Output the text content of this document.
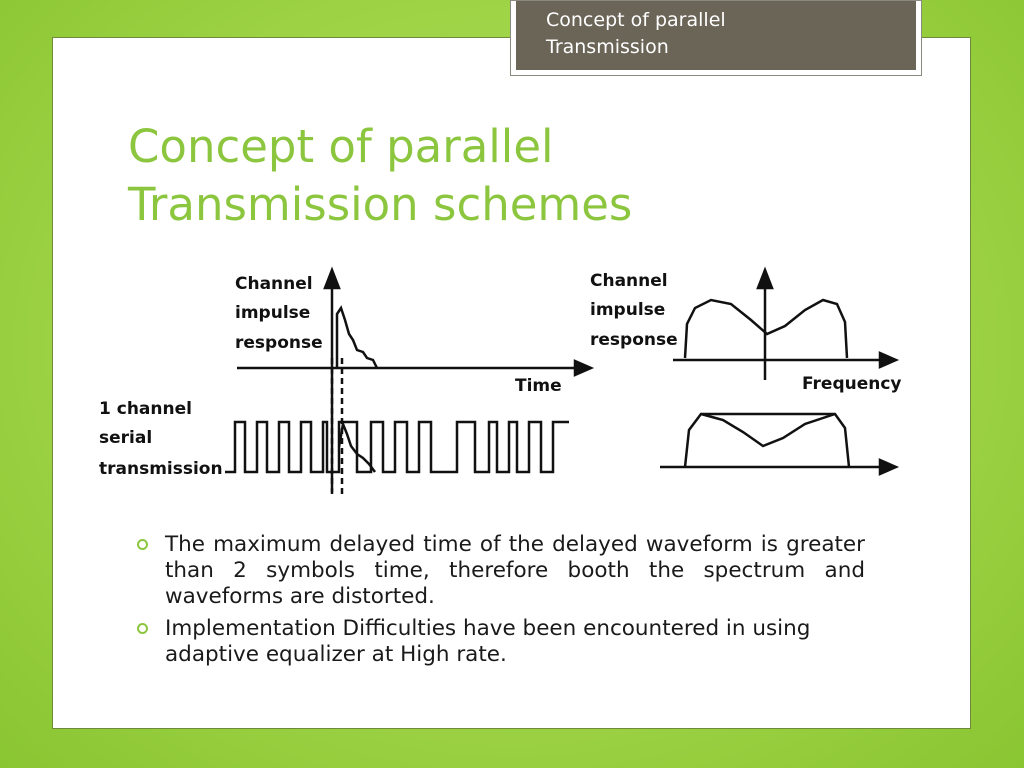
Concept of parallel
Transmission
Concept of parallel
Transmission schemes
Channel
impulse
response
Time
1 channel
serial
transmission
Channel
impulse
response
Frequency
The maximum delayed time of the delayed waveform is greater than 2 symbols time, therefore booth the spectrum and waveforms are distorted.
Implementation Difficulties have been encountered in using adaptive equalizer at High rate.
